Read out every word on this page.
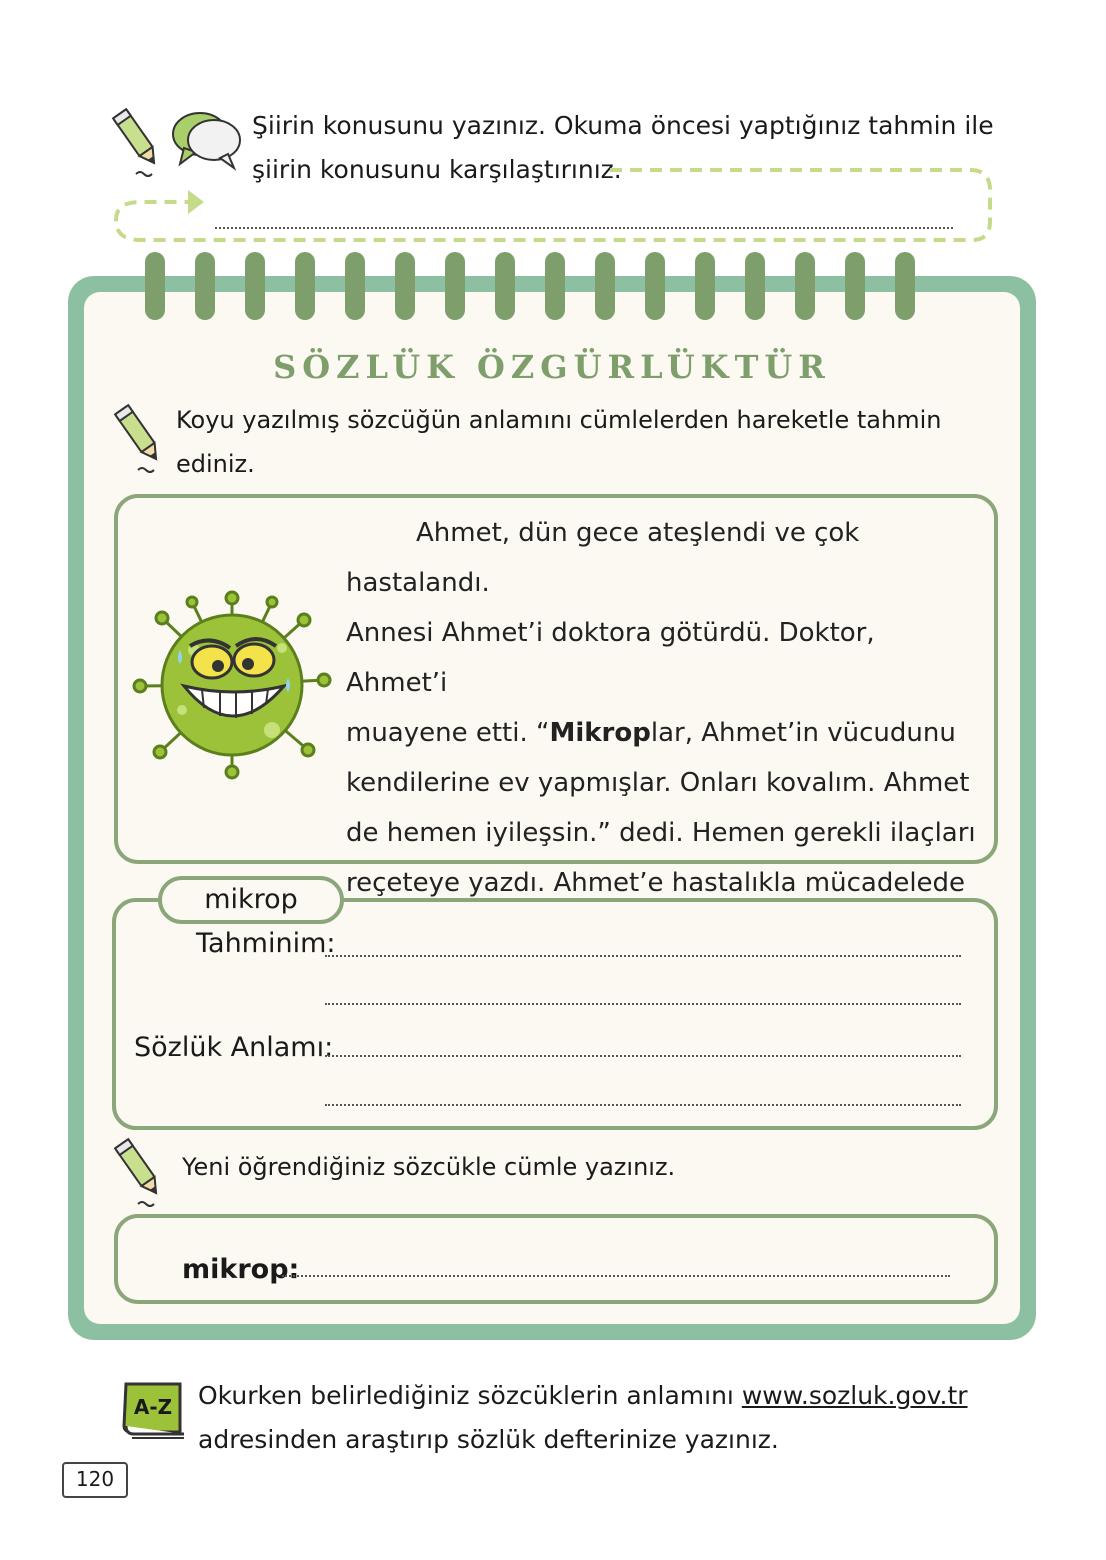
Şiirin konusunu yazınız. Okuma öncesi yaptığınız tahmin ile
şiirin konusunu karşılaştırınız.
SÖZLÜK ÖZGÜRLÜKTÜR
Koyu yazılmış sözcüğün anlamını cümlelerden hareketle tahmin ediniz.
Ahmet, dün gece ateşlendi ve çok hastalandı.
Annesi Ahmet’i doktora götürdü. Doktor, Ahmet’i
muayene etti. “Mikroplar, Ahmet’in vücudunu
kendilerine ev yapmışlar. Onları kovalım. Ahmet
de hemen iyileşsin.” dedi. Hemen gerekli ilaçları
reçeteye yazdı. Ahmet’e hastalıkla mücadelede
mikrop
Tahminim:
Sözlük Anlamı:
Yeni öğrendiğiniz sözcükle cümle yazınız.
mikrop:
A-Z Okurken belirlediğiniz sözcüklerin anlamını www.sozluk.gov.tr
adresinden araştırıp sözlük defterinize yazınız.
120
